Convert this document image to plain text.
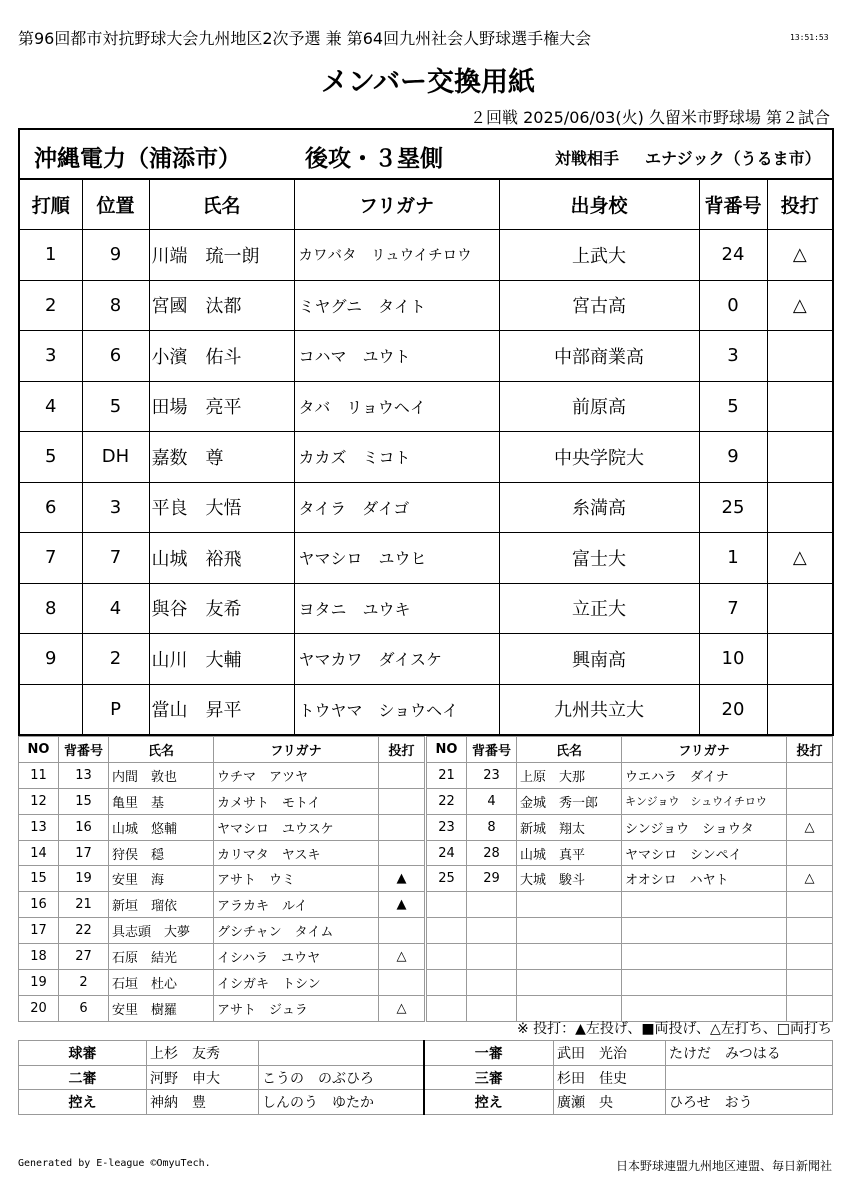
第96回都市対抗野球大会九州地区2次予選 兼 第64回九州社会人野球選手権大会	13:51:53
メンバー交換用紙
２回戦 2025/06/03(火) 久留米市野球場 第２試合
沖縄電力（浦添市） 後攻・３塁側 対戦相手 エナジック（うるま市）						

打順	位置	氏名	フリガナ	出身校	背番号	投打
1	9	川端　琉一朗	カワバタ　リュウイチロウ	上武大	24	△
2	8	宮國　汰都	ミヤグニ　タイト	宮古高	0	△
3	6	小濱　佑斗	コハマ　ユウト	中部商業高	3	
4	5	田場　亮平	タバ　リョウヘイ	前原高	5	
5	DH	嘉数　尊	カカズ　ミコト	中央学院大	9	
6	3	平良　大悟	タイラ　ダイゴ	糸満高	25	
7	7	山城　裕飛	ヤマシロ　ユウヒ	富士大	1	△
8	4	與谷　友希	ヨタニ　ユウキ	立正大	7	
9	2	山川　大輔	ヤマカワ　ダイスケ	興南高	10	
	P	當山　昇平	トウヤマ　ショウヘイ	九州共立大	20	
NO	背番号	氏名	フリガナ	投打
11	13	内間　敦也	ウチマ　アツヤ	
12	15	亀里　基	カメサト　モトイ	
13	16	山城　悠輔	ヤマシロ　ユウスケ	
14	17	狩俣　穏	カリマタ　ヤスキ	
15	19	安里　海	アサト　ウミ	▲
16	21	新垣　瑠依	アラカキ　ルイ	▲
17	22	具志頭　大夢	グシチャン　タイム	
18	27	石原　結光	イシハラ　ユウヤ	△
19	2	石垣　杜心	イシガキ　トシン	
20	6	安里　樹羅	アサト　ジュラ	△
NO	背番号	氏名	フリガナ	投打
21	23	上原　大那	ウエハラ　ダイナ	
22	4	金城　秀一郎	キンジョウ　シュウイチロウ	
23	8	新城　翔太	シンジョウ　ショウタ	△
24	28	山城　真平	ヤマシロ　シンペイ	
25	29	大城　駿斗	オオシロ　ハヤト	△

※ 投打：▲左投げ、■両投げ、△左打ち、□両打ち
球審	上杉　友秀		一審	武田　光治	たけだ　みつはる
二審	河野　申大	こうの　のぶひろ	三審	杉田　佳史	
控え	神納　豊	しんのう　ゆたか	控え	廣瀬　央	ひろせ　おう
Generated by E-league ©OmyuTech.	日本野球連盟九州地区連盟、毎日新聞社
